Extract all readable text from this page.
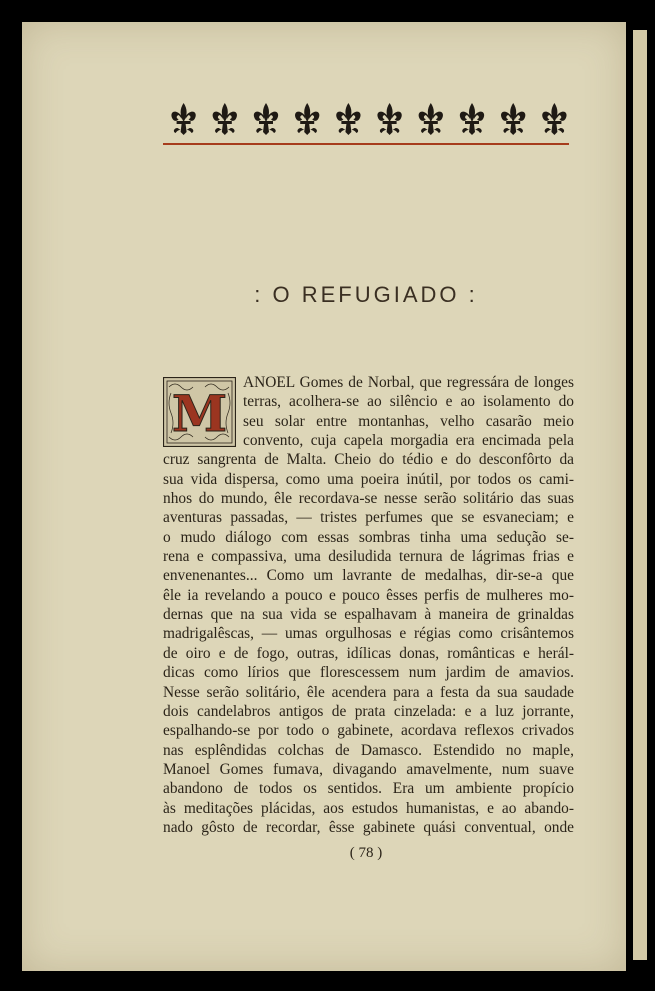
: O REFUGIADO :
M
ANOEL Gomes de Norbal, que regressára de longes
terras, acolhera-se ao silêncio e ao isolamento do
seu solar entre montanhas, velho casarão meio
convento, cuja capela morgadia era encimada pela
cruz sangrenta de Malta. Cheio do tédio e do desconfôrto da
sua vida dispersa, como uma poeira inútil, por todos os cami-
nhos do mundo, êle recordava-se nesse serão solitário das suas
aventuras passadas, — tristes perfumes que se esvaneciam; e
o mudo diálogo com essas sombras tinha uma sedução se-
rena e compassiva, uma desiludida ternura de lágrimas frias e
envenenantes... Como um lavrante de medalhas, dir-se-a que
êle ia revelando a pouco e pouco êsses perfis de mulheres mo-
dernas que na sua vida se espalhavam à maneira de grinaldas
madrigalêscas, — umas orgulhosas e régias como crisântemos
de oiro e de fogo, outras, idílicas donas, românticas e herál-
dicas como lírios que florescessem num jardim de amavios.
Nesse serão solitário, êle acendera para a festa da sua saudade
dois candelabros antigos de prata cinzelada: e a luz jorrante,
espalhando-se por todo o gabinete, acordava reflexos crivados
nas esplêndidas colchas de Damasco. Estendido no maple,
Manoel Gomes fumava, divagando amavelmente, num suave
abandono de todos os sentidos. Era um ambiente propício
às meditações plácidas, aos estudos humanistas, e ao abando-
nado gôsto de recordar, êsse gabinete quási conventual, onde
( 78 )
